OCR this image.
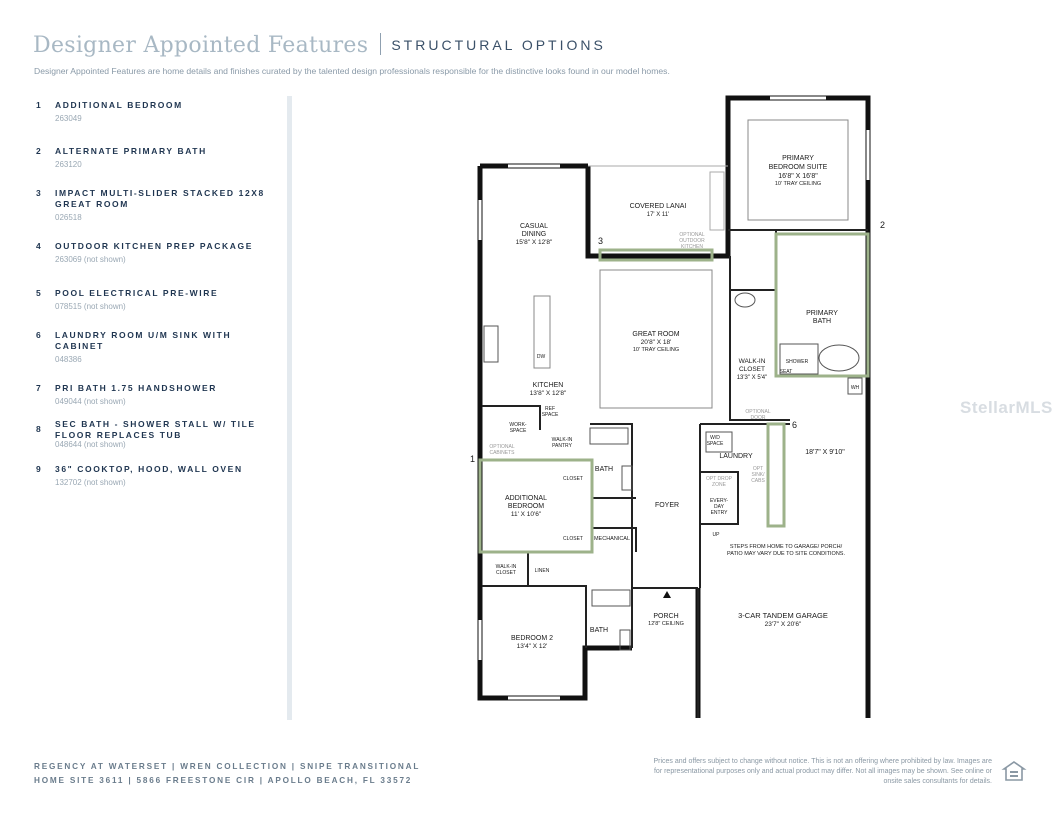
Designer Appointed Features STRUCTURAL OPTIONS
Designer Appointed Features are home details and finishes curated by the talented design professionals responsible for the distinctive looks found in our model homes.
1 ADDITIONAL BEDROOM
263049
2 ALTERNATE PRIMARY BATH
263120
3 IMPACT MULTI-SLIDER STACKED 12X8 GREAT ROOM
026518
4 OUTDOOR KITCHEN PREP PACKAGE
263069 (not shown)
5 POOL ELECTRICAL PRE-WIRE
078515 (not shown)
6 LAUNDRY ROOM U/M SINK WITH CABINET
048386
7 PRI BATH 1.75 HANDSHOWER
049044 (not shown)
8 SEC BATH - SHOWER STALL W/ TILE FLOOR REPLACES TUB
048644 (not shown)
9 36" COOKTOP, HOOD, WALL OVEN
132702 (not shown)
1
2
3
6
PRIMARY
BEDROOM SUITE
16'8" X 16'8"
10' TRAY CEILING
COVERED LANAI
17' X 11'
OPTIONAL
OUTDOOR
KITCHEN
CASUAL
DINING
15'8" X 12'8"
GREAT ROOM
20'8" X 18'
10' TRAY CEILING
PRIMARY
BATH
SHOWER
SEAT
WH
WALK-IN
CLOSET
13'3" X 5'4"
KITCHEN
13'8" X 12'8"
DW
REF
SPACE
WORK-
SPACE
WALK-IN
PANTRY
OPTIONAL
CABINETS
OPTIONAL
DOOR
W/D
SPACE
LAUNDRY
OPT
SINK/
CABS
OPT DROP
ZONE
EVERY-
DAY
ENTRY
UP
18'7" X 9'10"
BATH
CLOSET
CLOSET
ADDITIONAL
BEDROOM
11' X 10'6"
MECHANICAL
FOYER
STEPS FROM HOME TO GARAGE/ PORCH/
PATIO MAY VARY DUE TO SITE CONDITIONS.
WALK-IN
CLOSET	LINEN
PORCH
12'8" CEILING
3-CAR TANDEM GARAGE
23'7" X 20'6"
BEDROOM 2
13'4" X 12'
BATH
StellarMLS
REGENCY AT WATERSET | WREN COLLECTION | SNIPE TRANSITIONAL
HOME SITE 3611 | 5866 FREESTONE CIR | APOLLO BEACH, FL 33572
Prices and offers subject to change without notice. This is not an offering where prohibited by law. Images are for representational purposes only and actual product may differ. Not all images may be shown. See online or onsite sales consultants for details.
